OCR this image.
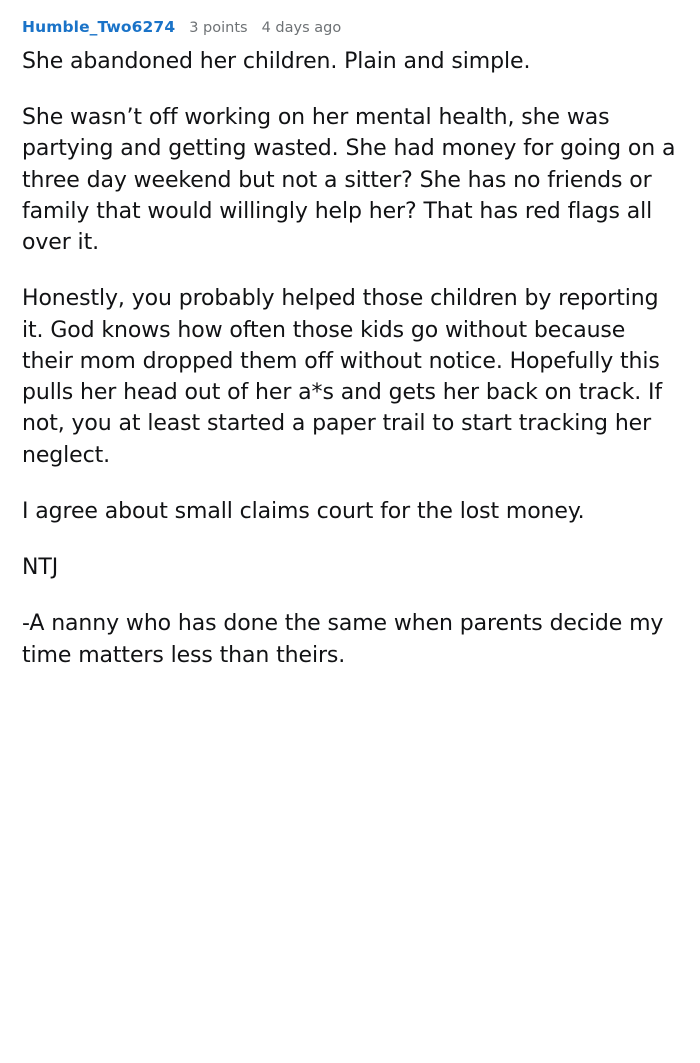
Humble_Two6274 3 points 4 days ago

She abandoned her children. Plain and simple.

She wasn’t off working on her mental health, she was partying and getting wasted. She had money for going on a three day weekend but not a sitter? She has no friends or family that would willingly help her? That has red flags all over it.

Honestly, you probably helped those children by reporting it. God knows how often those kids go without because their mom dropped them off without notice. Hopefully this pulls her head out of her a*s and gets her back on track. If not, you at least started a paper trail to start tracking her neglect.

I agree about small claims court for the lost money.

NTJ

-A nanny who has done the same when parents decide my time matters less than theirs.
